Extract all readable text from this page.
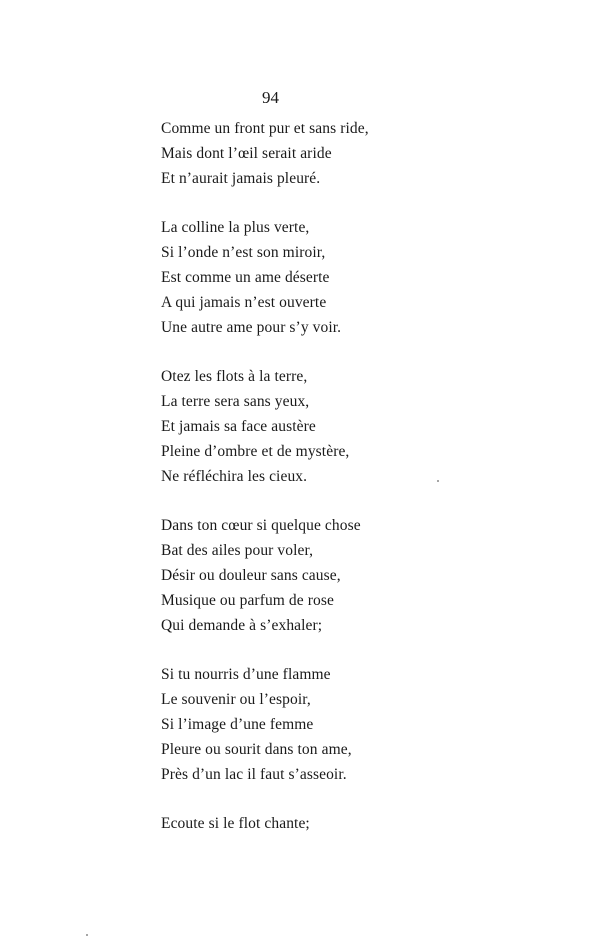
94
Comme un front pur et sans ride,
Mais dont l’œil serait aride
Et n’aurait jamais pleuré.
La colline la plus verte,
Si l’onde n’est son miroir,
Est comme un ame déserte
A qui jamais n’est ouverte
Une autre ame pour s’y voir.
Otez les flots à la terre,
La terre sera sans yeux,
Et jamais sa face austère
Pleine d’ombre et de mystère,
Ne réfléchira les cieux.
Dans ton cœur si quelque chose
Bat des ailes pour voler,
Désir ou douleur sans cause,
Musique ou parfum de rose
Qui demande à s’exhaler;
Si tu nourris d’une flamme
Le souvenir ou l’espoir,
Si l’image d’une femme
Pleure ou sourit dans ton ame,
Près d’un lac il faut s’asseoir.
Ecoute si le flot chante;
